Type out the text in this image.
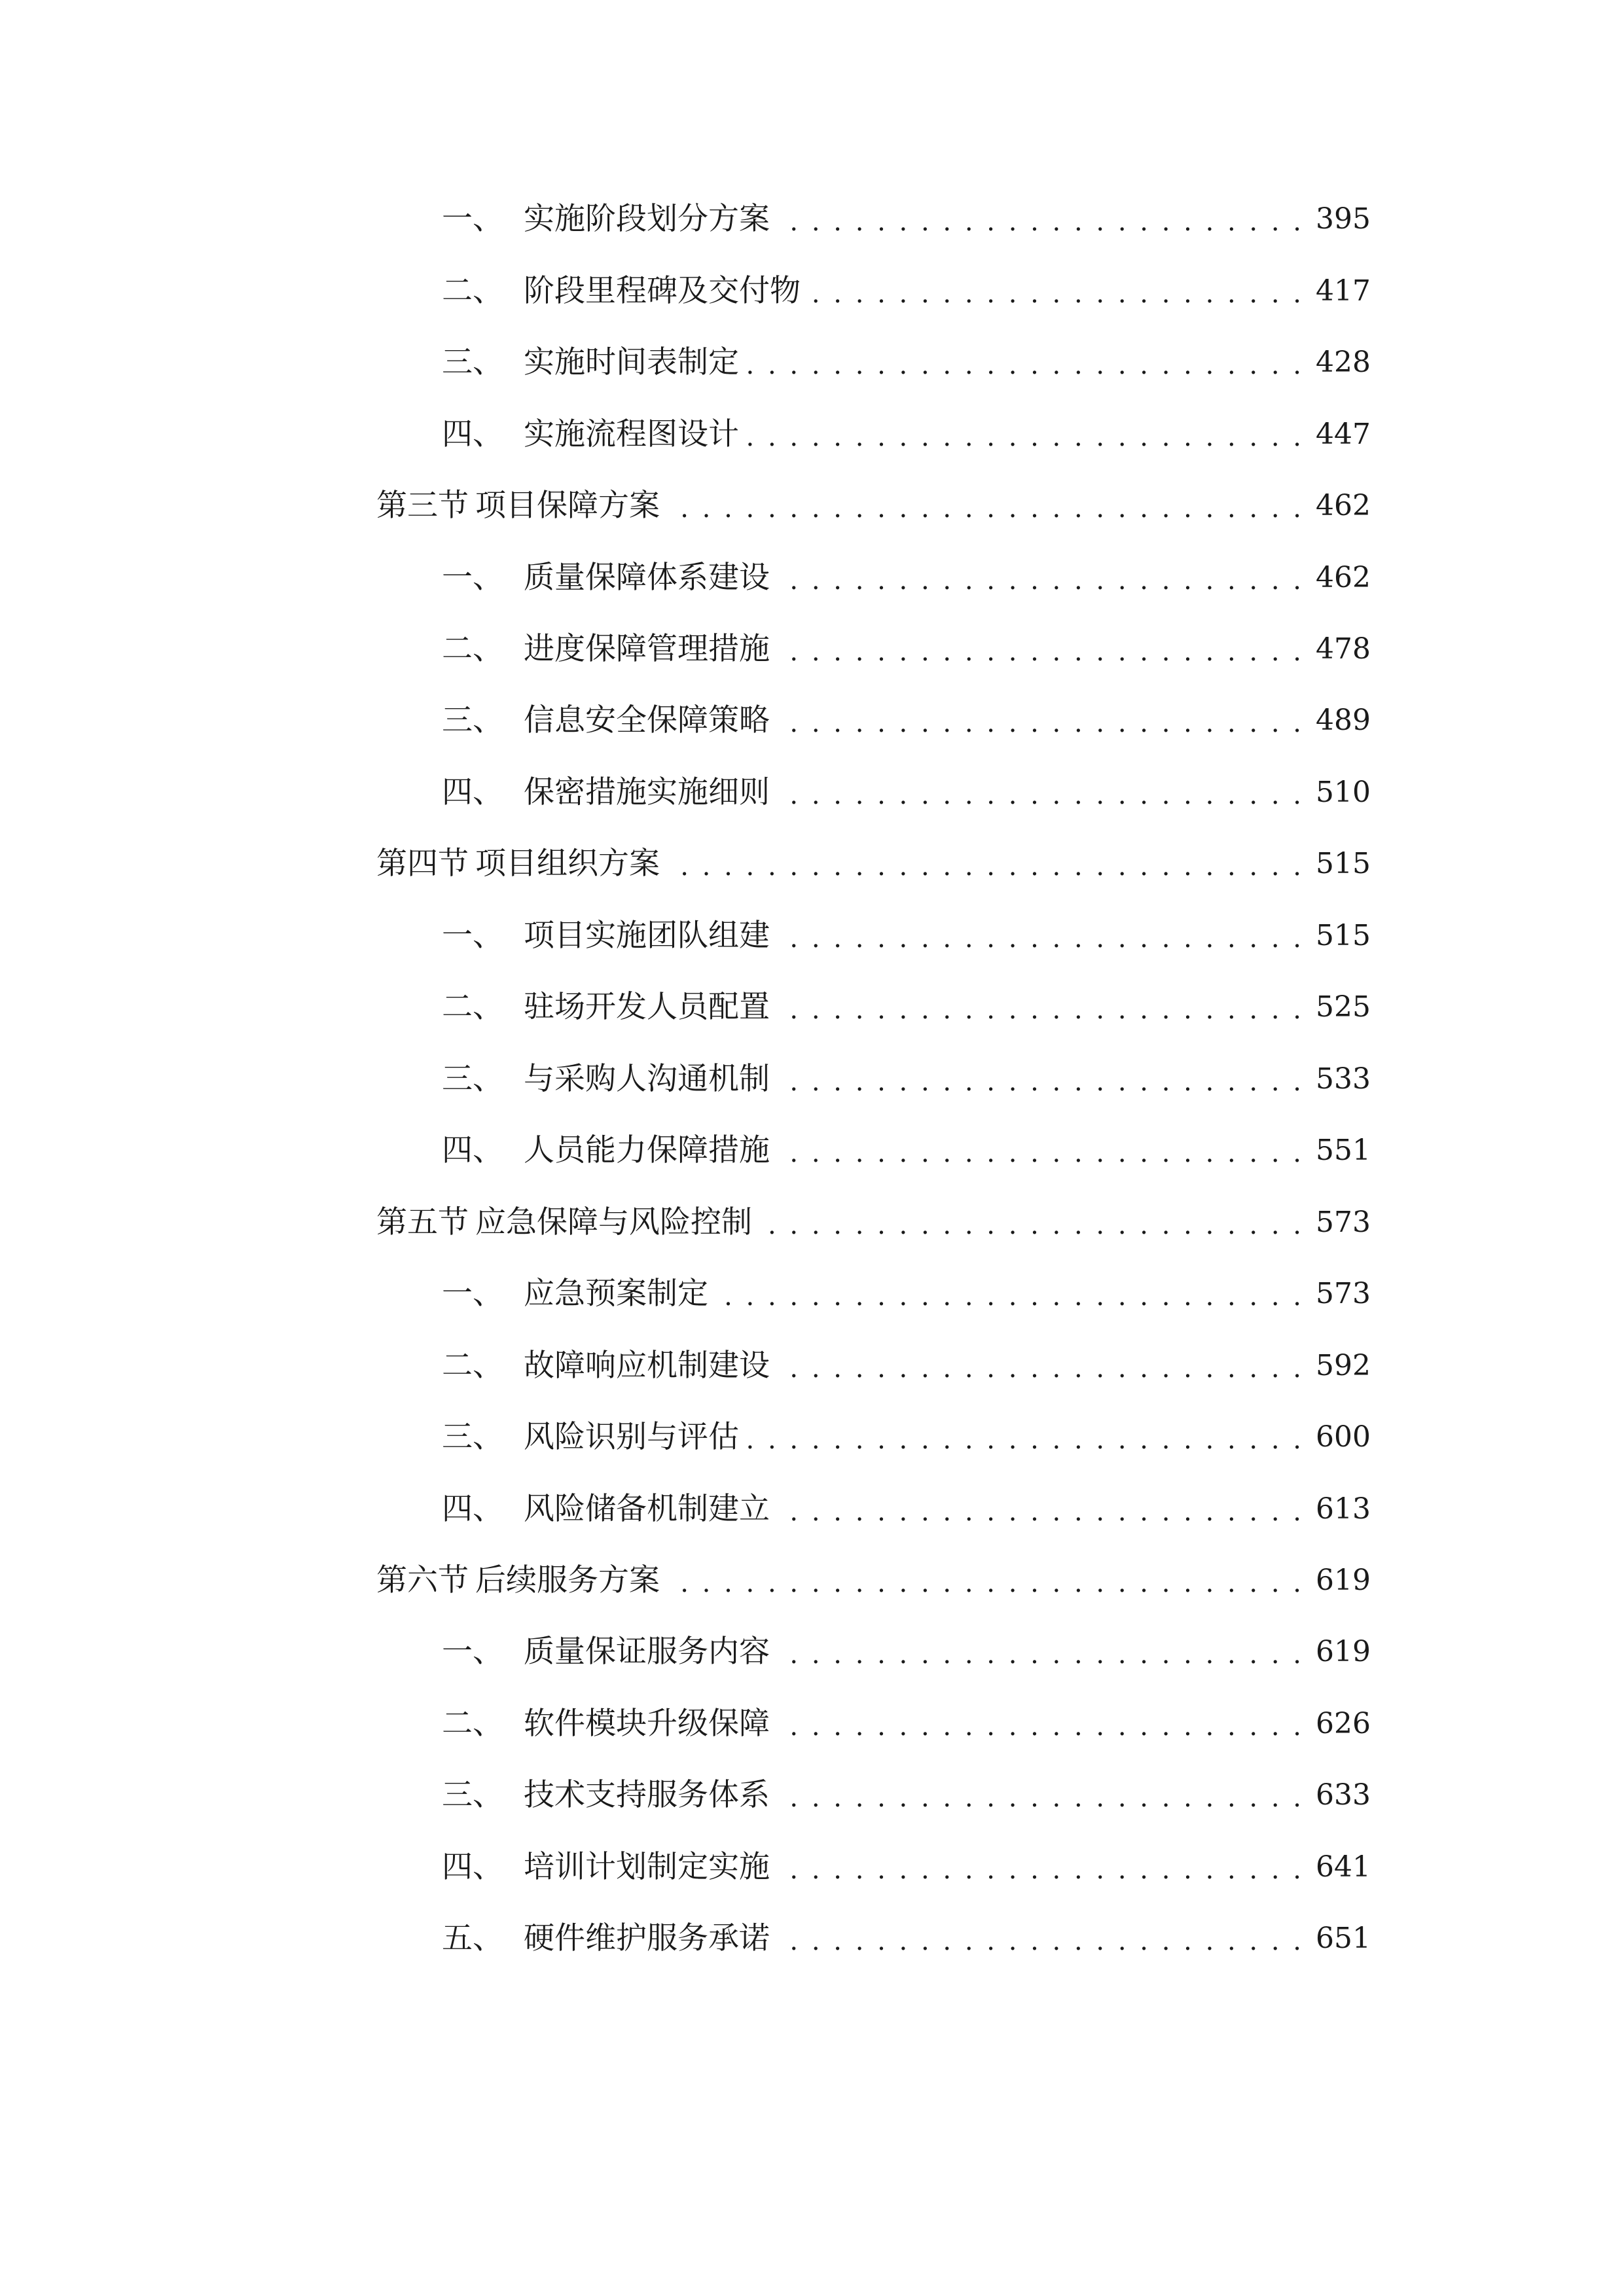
一、 实施阶段划分方案 . . .	395
二、 阶段里程碑及交付物 . . .	417
三、 实施时间表制定 . . .	428
四、 实施流程图设计 . . .	447
第三节 项目保障方案 . . .	462
一、 质量保障体系建设 . . .	462
二、 进度保障管理措施 . . .	478
三、 信息安全保障策略 . . .	489
四、 保密措施实施细则 . . .	510
第四节 项目组织方案 . . .	515
一、 项目实施团队组建 . . .	515
二、 驻场开发人员配置 . . .	525
三、 与采购人沟通机制 . . .	533
四、 人员能力保障措施 . . .	551
第五节 应急保障与风险控制 . . .	573
一、 应急预案制定 . . .	573
二、 故障响应机制建设 . . .	592
三、 风险识别与评估 . . .	600
四、 风险储备机制建立 . . .	613
第六节 后续服务方案 . . .	619
一、 质量保证服务内容 . . .	619
二、 软件模块升级保障 . . .	626
三、 技术支持服务体系 . . .	633
四、 培训计划制定实施 . . .	641
五、 硬件维护服务承诺 . . .	651
